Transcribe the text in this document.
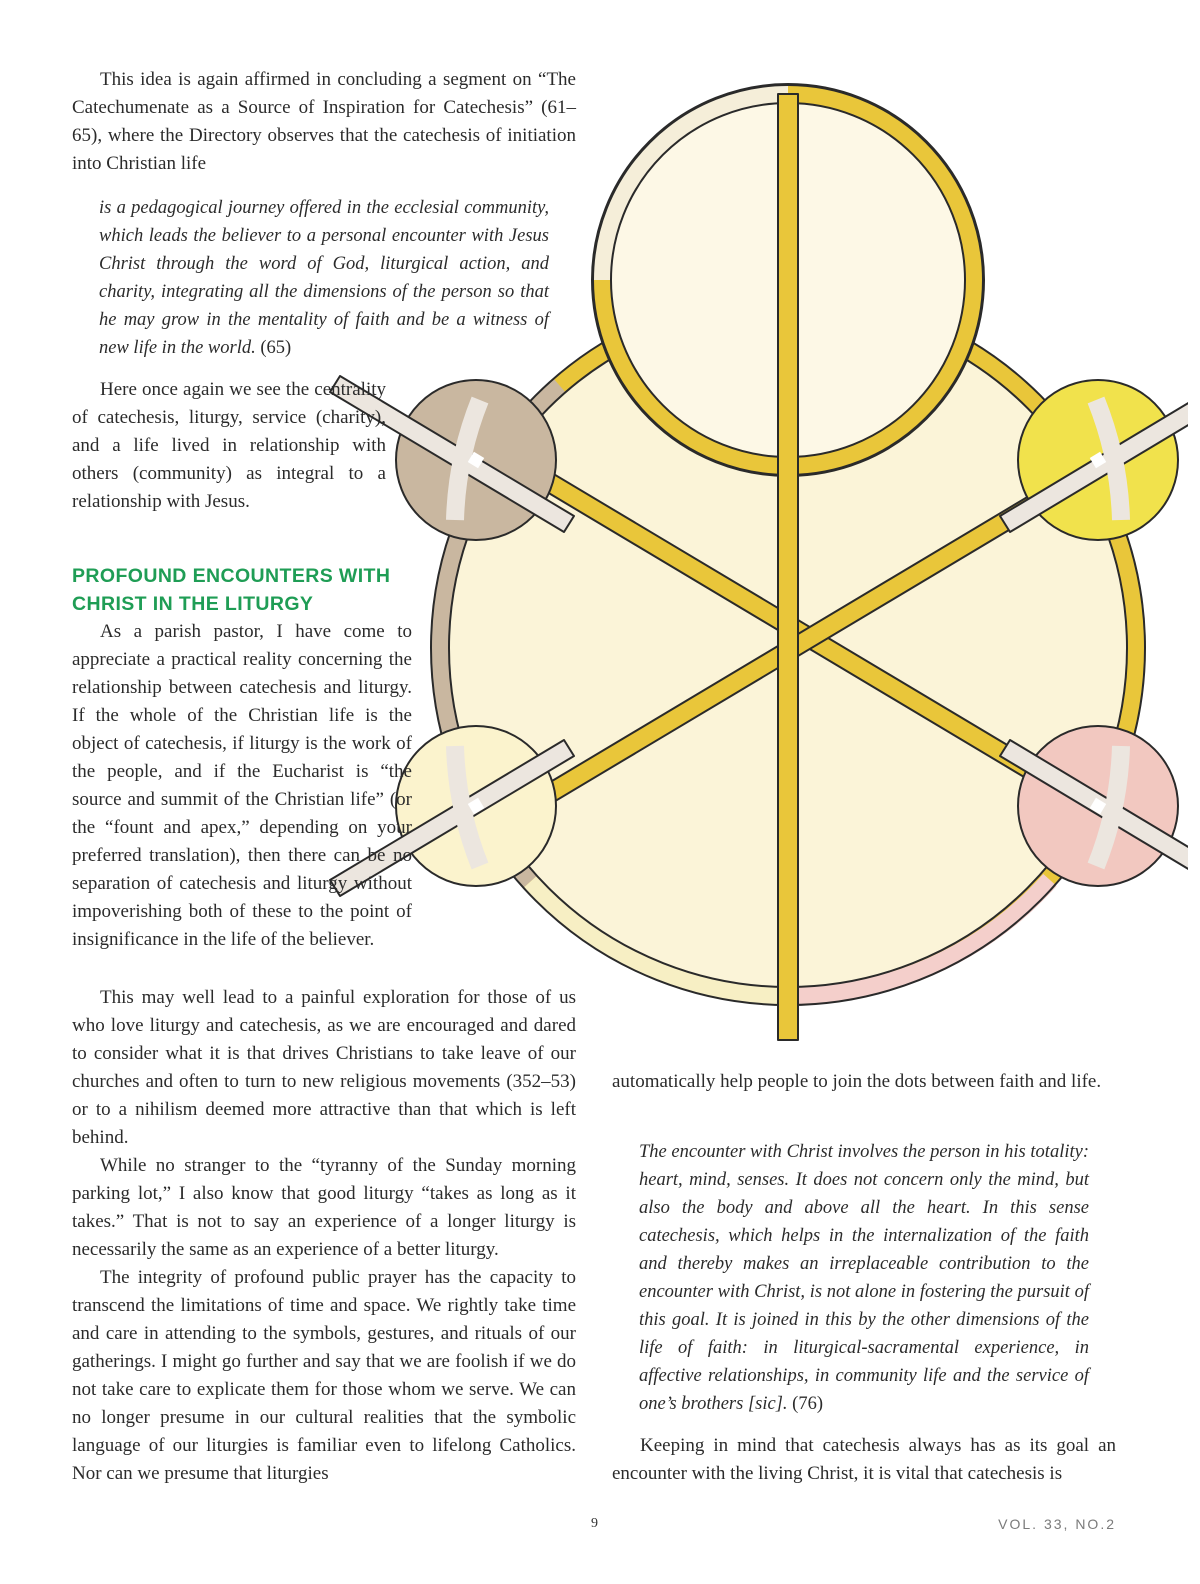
This idea is again affirmed in concluding a segment on “The Catechumenate as a Source of Inspiration for Catechesis” (61–65), where the Directory observes that the catechesis of initiation into Christian life

is a pedagogical journey offered in the ecclesial community, which leads the believer to a personal encounter with Jesus Christ through the word of God, liturgical action, and charity, integrating all the dimensions of the person so that he may grow in the mentality of faith and be a witness of new life in the world. (65)

Here once again we see the centrality of catechesis, liturgy, service (charity), and a life lived in relationship with others (community) as integral to a relationship with Jesus.

PROFOUND ENCOUNTERS WITH CHRIST IN THE LITURGY

As a parish pastor, I have come to appreciate a practical reality concerning the relationship between catechesis and liturgy. If the whole of the Christian life is the object of catechesis, if liturgy is the work of the people, and if the Eucharist is “the source and summit of the Christian life” (or the “fount and apex,” depending on your preferred translation), then there can be no separation of catechesis and liturgy without impoverishing both of these to the point of insignificance in the life of the believer.

This may well lead to a painful exploration for those of us who love liturgy and catechesis, as we are encouraged and dared to consider what it is that drives Christians to take leave of our churches and often to turn to new religious movements (352–53) or to a nihilism deemed more attractive than that which is left behind.

While no stranger to the “tyranny of the Sunday morning parking lot,” I also know that good liturgy “takes as long as it takes.” That is not to say an experience of a longer liturgy is necessarily the same as an experience of a better liturgy.

The integrity of profound public prayer has the capacity to transcend the limitations of time and space. We rightly take time and care in attending to the symbols, gestures, and rituals of our gatherings. I might go further and say that we are foolish if we do not take care to explicate them for those whom we serve. We can no longer presume in our cultural realities that the symbolic language of our liturgies is familiar even to lifelong Catholics. Nor can we presume that liturgies

automatically help people to join the dots between faith and life.

The encounter with Christ involves the person in his totality: heart, mind, senses. It does not concern only the mind, but also the body and above all the heart. In this sense catechesis, which helps in the internalization of the faith and thereby makes an irreplaceable contribution to the encounter with Christ, is not alone in fostering the pursuit of this goal. It is joined in this by the other dimensions of the life of faith: in liturgical-sacramental experience, in affective relationships, in community life and the service of one’s brothers [sic]. (76)

Keeping in mind that catechesis always has as its goal an encounter with the living Christ, it is vital that catechesis is

9	VOL. 33, NO.2
